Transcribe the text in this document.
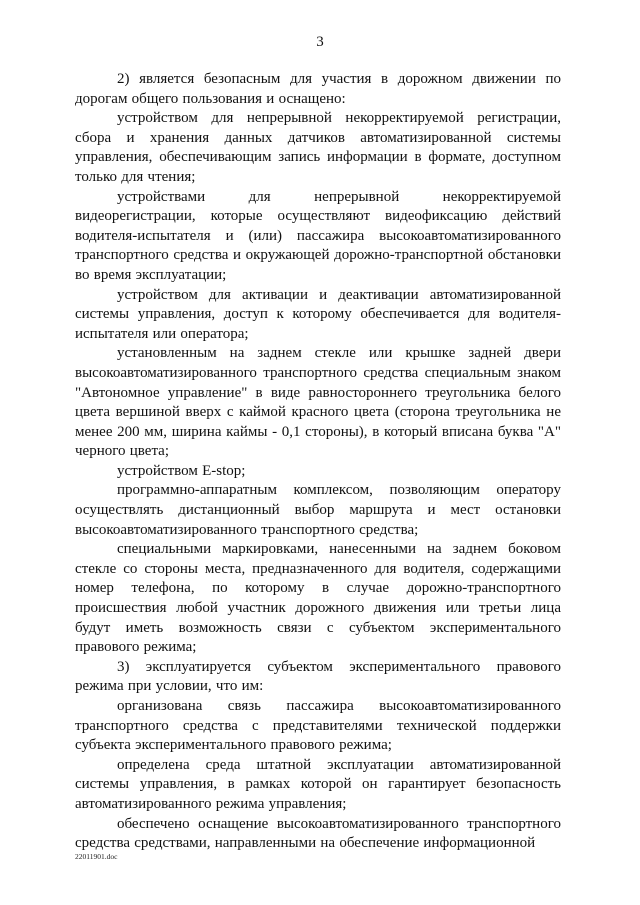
3

2) является безопасным для участия в дорожном движении по дорогам общего пользования и оснащено:

устройством для непрерывной некорректируемой регистрации, сбора и хранения данных датчиков автоматизированной системы управления, обеспечивающим запись информации в формате, доступном только для чтения;

устройствами для непрерывной некорректируемой видеорегистрации, которые осуществляют видеофиксацию действий водителя-испытателя и (или) пассажира высокоавтоматизированного транспортного средства и окружающей дорожно-транспортной обстановки во время эксплуатации;

устройством для активации и деактивации автоматизированной системы управления, доступ к которому обеспечивается для водителя-испытателя или оператора;

установленным на заднем стекле или крышке задней двери высокоавтоматизированного транспортного средства специальным знаком "Автономное управление" в виде равностороннего треугольника белого цвета вершиной вверх с каймой красного цвета (сторона треугольника не менее 200 мм, ширина каймы - 0,1 стороны), в который вписана буква "А" черного цвета;

устройством E-stop;

программно-аппаратным комплексом, позволяющим оператору осуществлять дистанционный выбор маршрута и мест остановки высокоавтоматизированного транспортного средства;

специальными маркировками, нанесенными на заднем боковом стекле со стороны места, предназначенного для водителя, содержащими номер телефона, по которому в случае дорожно-транспортного происшествия любой участник дорожного движения или третьи лица будут иметь возможность связи с субъектом экспериментального правового режима;

3) эксплуатируется субъектом экспериментального правового режима при условии, что им:

организована связь пассажира высокоавтоматизированного транспортного средства с представителями технической поддержки субъекта экспериментального правового режима;

определена среда штатной эксплуатации автоматизированной системы управления, в рамках которой он гарантирует безопасность автоматизированного режима управления;

обеспечено оснащение высокоавтоматизированного транспортного средства средствами, направленными на обеспечение информационной

22011901.doc
